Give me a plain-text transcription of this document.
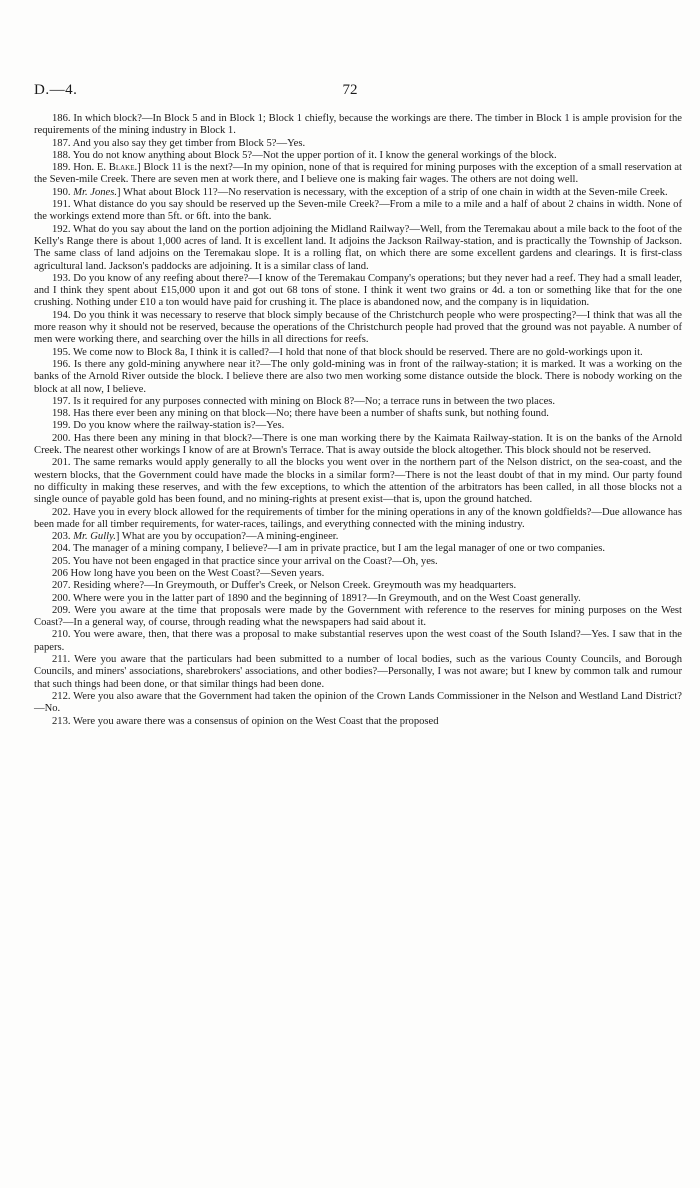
D.—4.	72

186. In which block?—In Block 5 and in Block 1; Block 1 chiefly, because the workings are there. The timber in Block 1 is ample provision for the requirements of the mining industry in Block 1.

187. And you also say they get timber from Block 5?—Yes.

188. You do not know anything about Block 5?—Not the upper portion of it. I know the general workings of the block.

189. Hon. E. Blake.] Block 11 is the next?—In my opinion, none of that is required for mining purposes with the exception of a small reservation at the Seven-mile Creek. There are seven men at work there, and I believe one is making fair wages. The others are not doing well.

190. Mr. Jones.] What about Block 11?—No reservation is necessary, with the exception of a strip of one chain in width at the Seven-mile Creek.

191. What distance do you say should be reserved up the Seven-mile Creek?—From a mile to a mile and a half of about 2 chains in width. None of the workings extend more than 5ft. or 6ft. into the bank.

192. What do you say about the land on the portion adjoining the Midland Railway?—Well, from the Teremakau about a mile back to the foot of the Kelly's Range there is about 1,000 acres of land. It is excellent land. It adjoins the Jackson Railway-station, and is practically the Township of Jackson. The same class of land adjoins on the Teremakau slope. It is a rolling flat, on which there are some excellent gardens and clearings. It is first-class agricultural land. Jackson's paddocks are adjoining. It is a similar class of land.

193. Do you know of any reefing about there?—I know of the Teremakau Company's operations; but they never had a reef. They had a small leader, and I think they spent about £15,000 upon it and got out 68 tons of stone. I think it went two grains or 4d. a ton or something like that for the one crushing. Nothing under £10 a ton would have paid for crushing it. The place is abandoned now, and the company is in liquidation.

194. Do you think it was necessary to reserve that block simply because of the Christchurch people who were prospecting?—I think that was all the more reason why it should not be reserved, because the operations of the Christchurch people had proved that the ground was not payable. A number of men were working there, and searching over the hills in all directions for reefs.

195. We come now to Block 8a, I think it is called?—I hold that none of that block should be reserved. There are no gold-workings upon it.

196. Is there any gold-mining anywhere near it?—The only gold-mining was in front of the railway-station; it is marked. It was a working on the banks of the Arnold River outside the block. I believe there are also two men working some distance outside the block. There is nobody working on the block at all now, I believe.

197. Is it required for any purposes connected with mining on Block 8?—No; a terrace runs in between the two places.

198. Has there ever been any mining on that block—No; there have been a number of shafts sunk, but nothing found.

199. Do you know where the railway-station is?—Yes.

200. Has there been any mining in that block?—There is one man working there by the Kaimata Railway-station. It is on the banks of the Arnold Creek. The nearest other workings I know of are at Brown's Terrace. That is away outside the block altogether. This block should not be reserved.

201. The same remarks would apply generally to all the blocks you went over in the northern part of the Nelson district, on the sea-coast, and the western blocks, that the Government could have made the blocks in a similar form?—There is not the least doubt of that in my mind. Our party found no difficulty in making these reserves, and with the few exceptions, to which the attention of the arbitrators has been called, in all those blocks not a single ounce of payable gold has been found, and no mining-rights at present exist—that is, upon the ground hatched.

202. Have you in every block allowed for the requirements of timber for the mining operations in any of the known goldfields?—Due allowance has been made for all timber requirements, for water-races, tailings, and everything connected with the mining industry.

203. Mr. Gully.] What are you by occupation?—A mining-engineer.

204. The manager of a mining company, I believe?—I am in private practice, but I am the legal manager of one or two companies.

205. You have not been engaged in that practice since your arrival on the Coast?—Oh, yes.

206 How long have you been on the West Coast?—Seven years.

207. Residing where?—In Greymouth, or Duffer's Creek, or Nelson Creek. Greymouth was my headquarters.

200. Where were you in the latter part of 1890 and the beginning of 1891?—In Greymouth, and on the West Coast generally.

209. Were you aware at the time that proposals were made by the Government with reference to the reserves for mining purposes on the West Coast?—In a general way, of course, through reading what the newspapers had said about it.

210. You were aware, then, that there was a proposal to make substantial reserves upon the west coast of the South Island?—Yes. I saw that in the papers.

211. Were you aware that the particulars had been submitted to a number of local bodies, such as the various County Councils, and Borough Councils, and miners' associations, sharebrokers' associations, and other bodies?—Personally, I was not aware; but I knew by common talk and rumour that such things had been done, or that similar things had been done.

212. Were you also aware that the Government had taken the opinion of the Crown Lands Commissioner in the Nelson and Westland Land District?—No.

213. Were you aware there was a consensus of opinion on the West Coast that the proposed
